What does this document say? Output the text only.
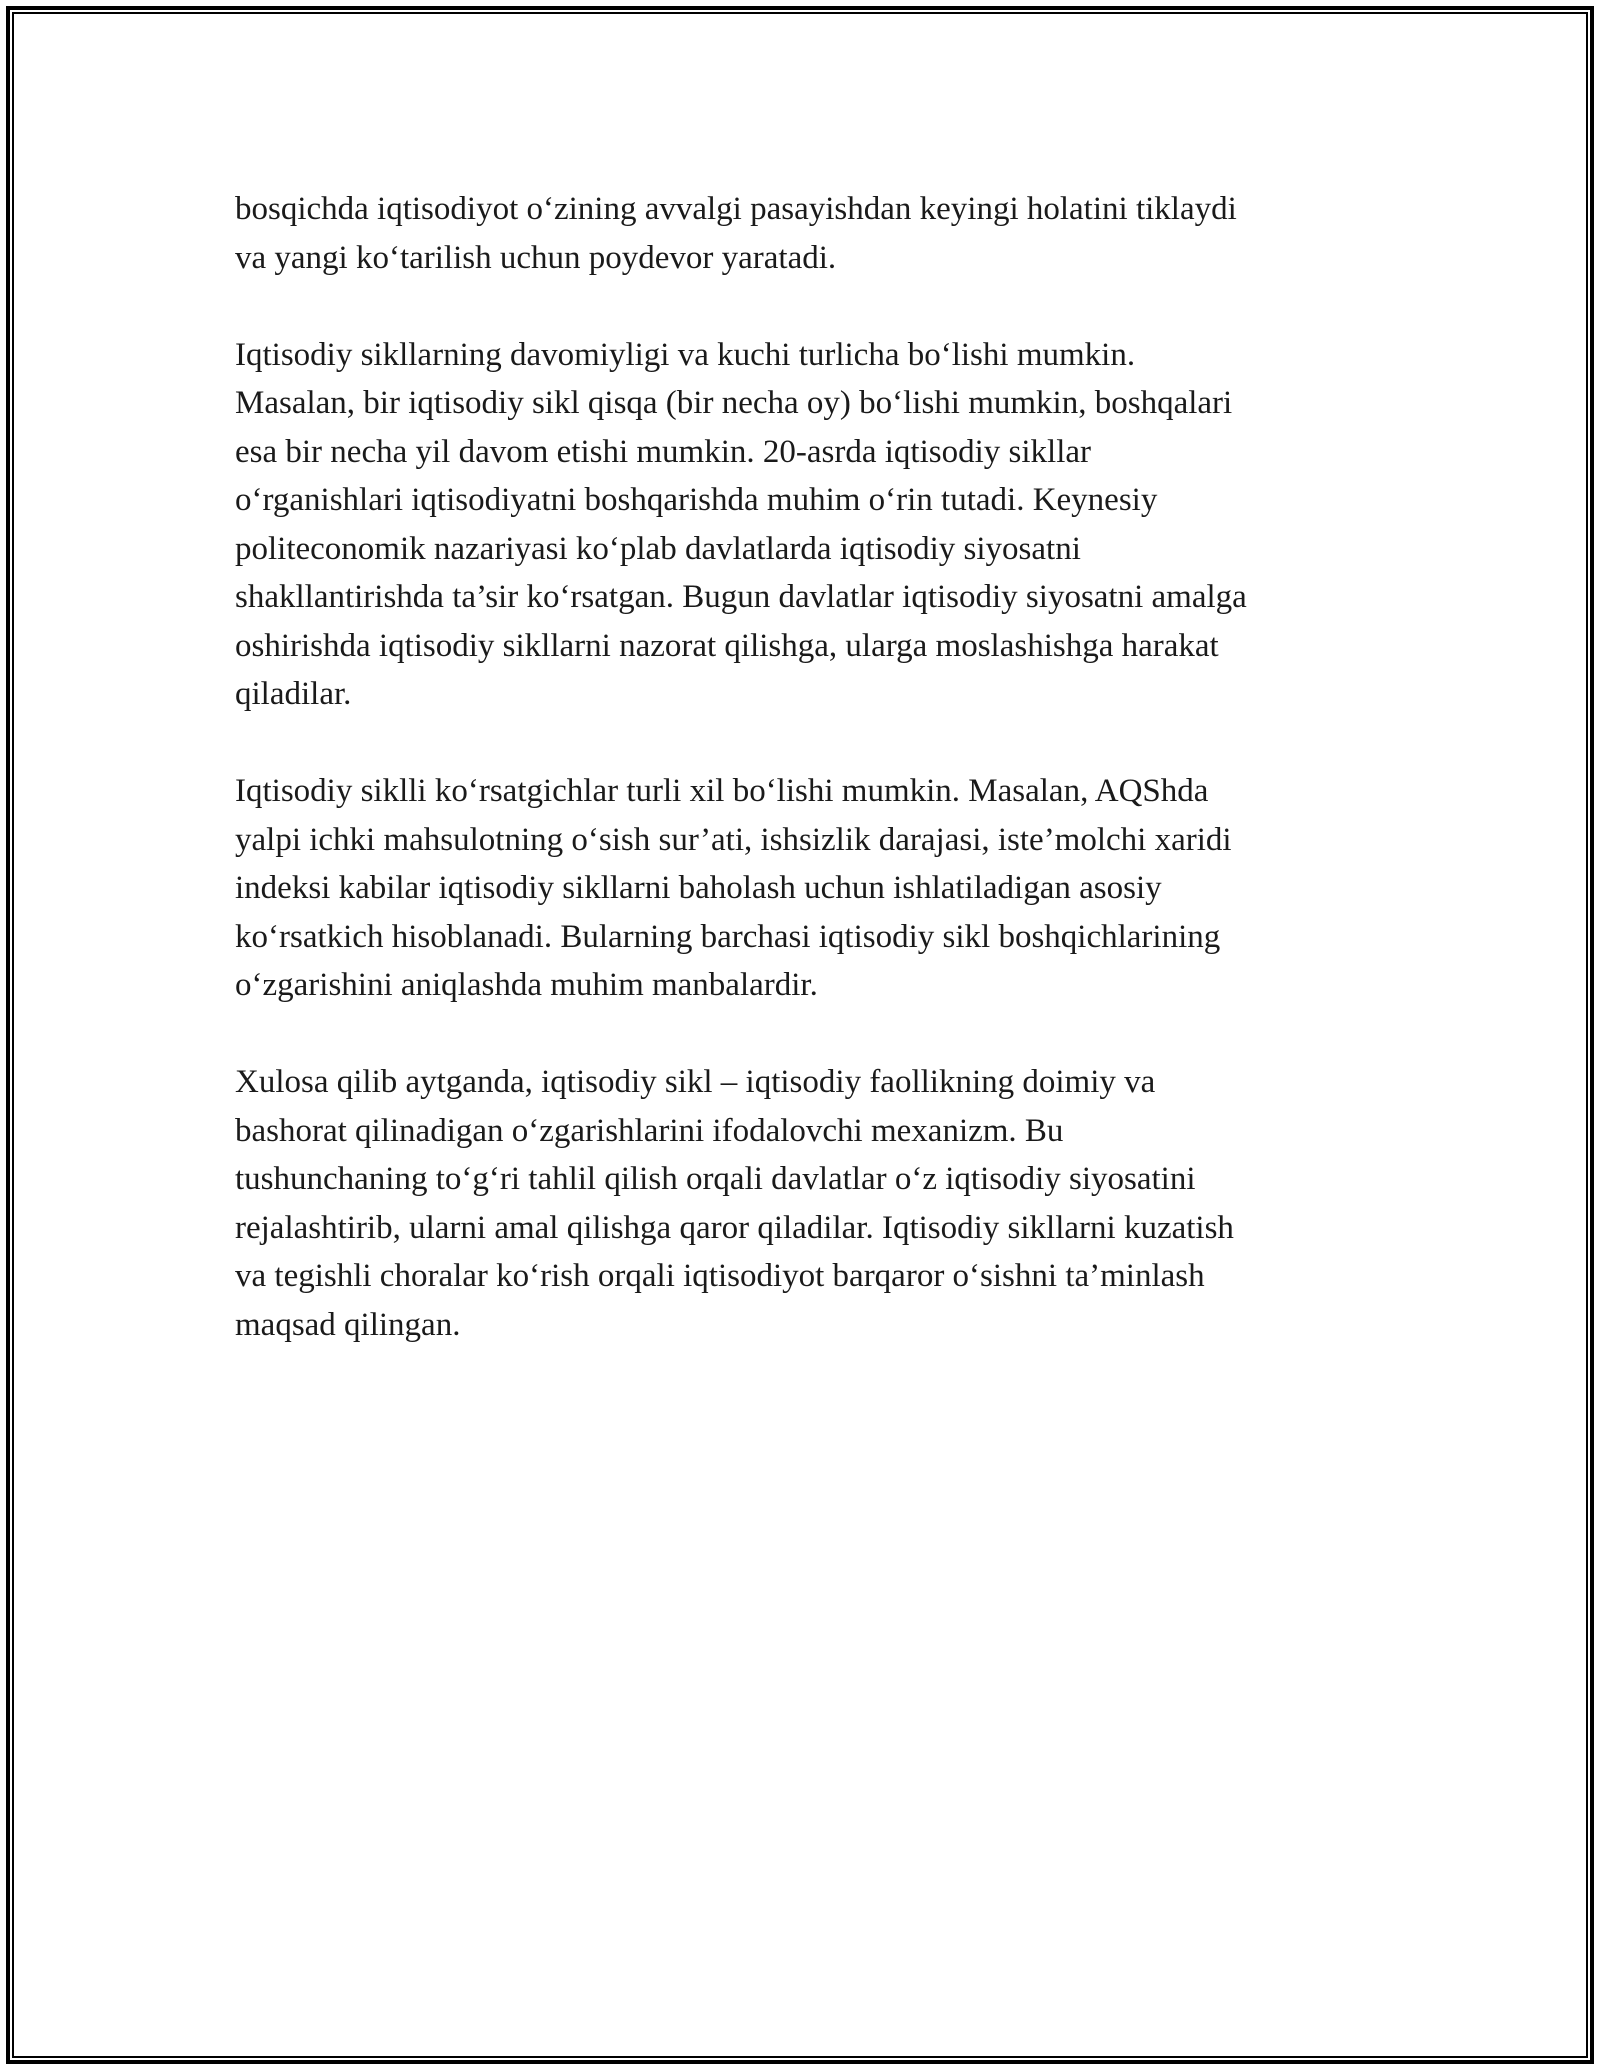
bosqichda iqtisodiyot o‘zining avvalgi pasayishdan keyingi holatini tiklaydi
va yangi ko‘tarilish uchun poydevor yaratadi.

Iqtisodiy sikllarning davomiyligi va kuchi turlicha bo‘lishi mumkin.
Masalan, bir iqtisodiy sikl qisqa (bir necha oy) bo‘lishi mumkin, boshqalari
esa bir necha yil davom etishi mumkin. 20-asrda iqtisodiy sikllar
o‘rganishlari iqtisodiyatni boshqarishda muhim o‘rin tutadi. Keynesiy
politeconomik nazariyasi ko‘plab davlatlarda iqtisodiy siyosatni
shakllantirishda ta’sir ko‘rsatgan. Bugun davlatlar iqtisodiy siyosatni amalga
oshirishda iqtisodiy sikllarni nazorat qilishga, ularga moslashishga harakat
qiladilar.

Iqtisodiy siklli ko‘rsatgichlar turli xil bo‘lishi mumkin. Masalan, AQShda
yalpi ichki mahsulotning o‘sish sur’ati, ishsizlik darajasi, iste’molchi xaridi
indeksi kabilar iqtisodiy sikllarni baholash uchun ishlatiladigan asosiy
ko‘rsatkich hisoblanadi. Bularning barchasi iqtisodiy sikl boshqichlarining
o‘zgarishini aniqlashda muhim manbalardir.

Xulosa qilib aytganda, iqtisodiy sikl – iqtisodiy faollikning doimiy va
bashorat qilinadigan o‘zgarishlarini ifodalovchi mexanizm. Bu
tushunchaning to‘g‘ri tahlil qilish orqali davlatlar o‘z iqtisodiy siyosatini
rejalashtirib, ularni amal qilishga qaror qiladilar. Iqtisodiy sikllarni kuzatish
va tegishli choralar ko‘rish orqali iqtisodiyot barqaror o‘sishni ta’minlash
maqsad qilingan.
